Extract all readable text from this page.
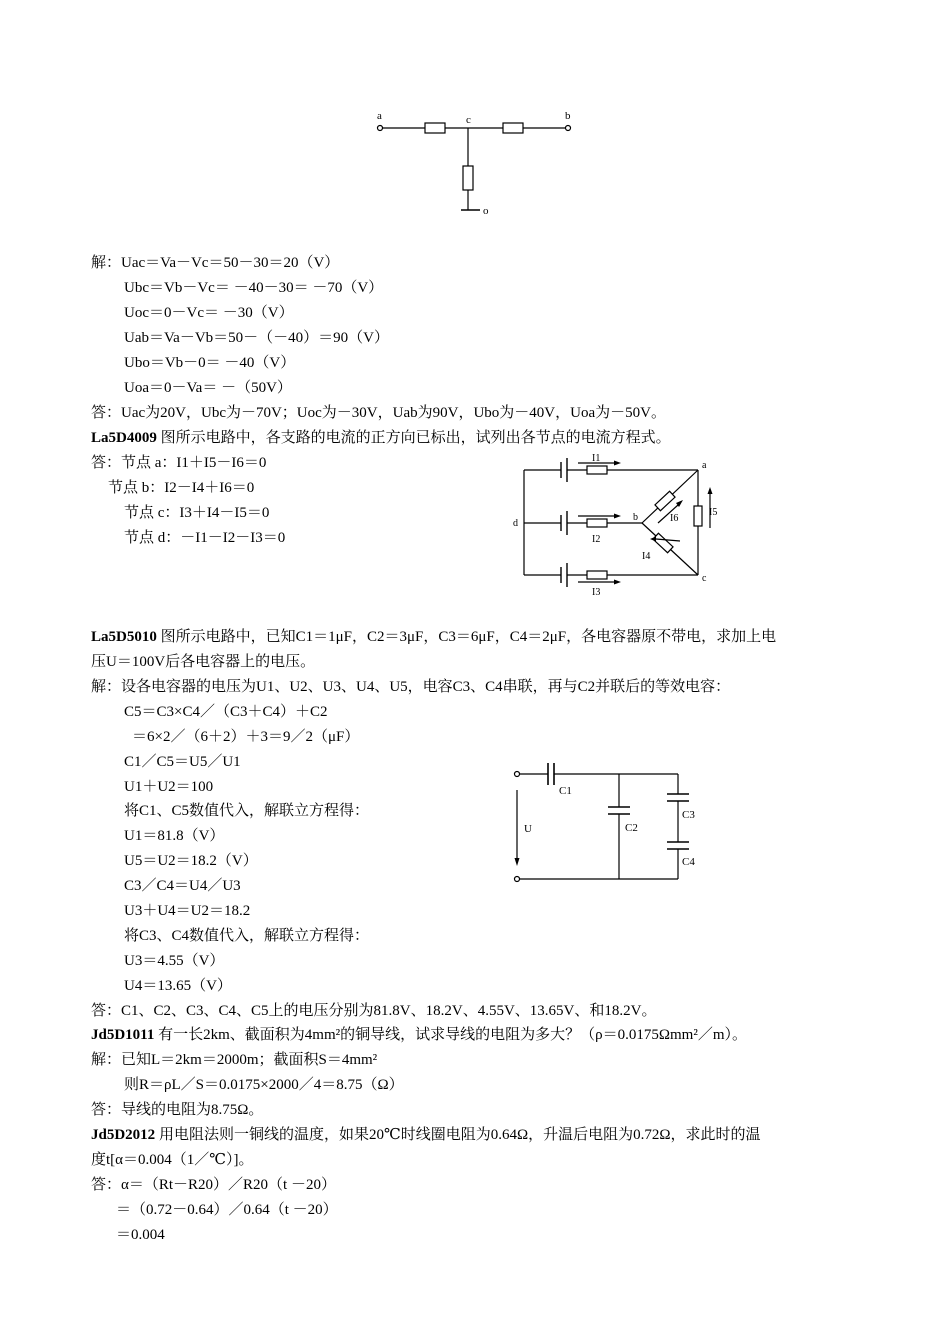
a	c	b
o
解：Uac＝Va－Vc＝50－30＝20（V）
Ubc＝Vb－Vc＝ －40－30＝ －70（V）
Uoc＝0－Vc＝ －30（V）
Uab＝Va－Vb＝50－（－40）＝90（V）
Ubo＝Vb－0＝ －40（V）
Uoa＝0－Va＝ －（50V）
答：Uac为20V，Ubc为－70V；Uoc为－30V，Uab为90V，Ubo为－40V，Uoa为－50V。
La5D4009 图所示电路中，各支路的电流的正方向已标出，试列出各节点的电流方程式。
答：节点 a：I1＋I5－I6＝0
节点 b：I2－I4＋I6＝0
节点 c：I3＋I4－I5＝0
节点 d：－I1－I2－I3＝0
I1
I2
I3
I4
I5
I6
a
b
c
d
La5D5010 图所示电路中，已知C1＝1μF，C2＝3μF，C3＝6μF，C4＝2μF，各电容器原不带电，求加上电
压U＝100V后各电容器上的电压。
解：设各电容器的电压为U1、U2、U3、U4、U5，电容C3、C4串联，再与C2并联后的等效电容：
C5＝C3×C4／（C3＋C4）＋C2
＝6×2／（6＋2）＋3＝9／2（μF）
C1／C5＝U5／U1
U1＋U2＝100
将C1、C5数值代入，解联立方程得：
U1＝81.8（V）
U5＝U2＝18.2（V）
C3／C4＝U4／U3
U3＋U4＝U2＝18.2
将C3、C4数值代入，解联立方程得：
U3＝4.55（V）
U4＝13.65（V）
答：C1、C2、C3、C4、C5上的电压分别为81.8V、18.2V、4.55V、13.65V、和18.2V。
C1
C2
C3
C4
U
Jd5D1011 有一长2km、截面积为4mm²的铜导线，试求导线的电阻为多大？（ρ＝0.0175Ωmm²／m）。
解：已知L＝2km＝2000m；截面积S＝4mm²
则R＝ρL／S＝0.0175×2000／4＝8.75（Ω）
答：导线的电阻为8.75Ω。
Jd5D2012 用电阻法则一铜线的温度，如果20℃时线圈电阻为0.64Ω，升温后电阻为0.72Ω，求此时的温
度t[α＝0.004（1／℃）]。
答：α＝（Rt－R20）／R20（t －20）
＝（0.72－0.64）／0.64（t －20）
＝0.004
